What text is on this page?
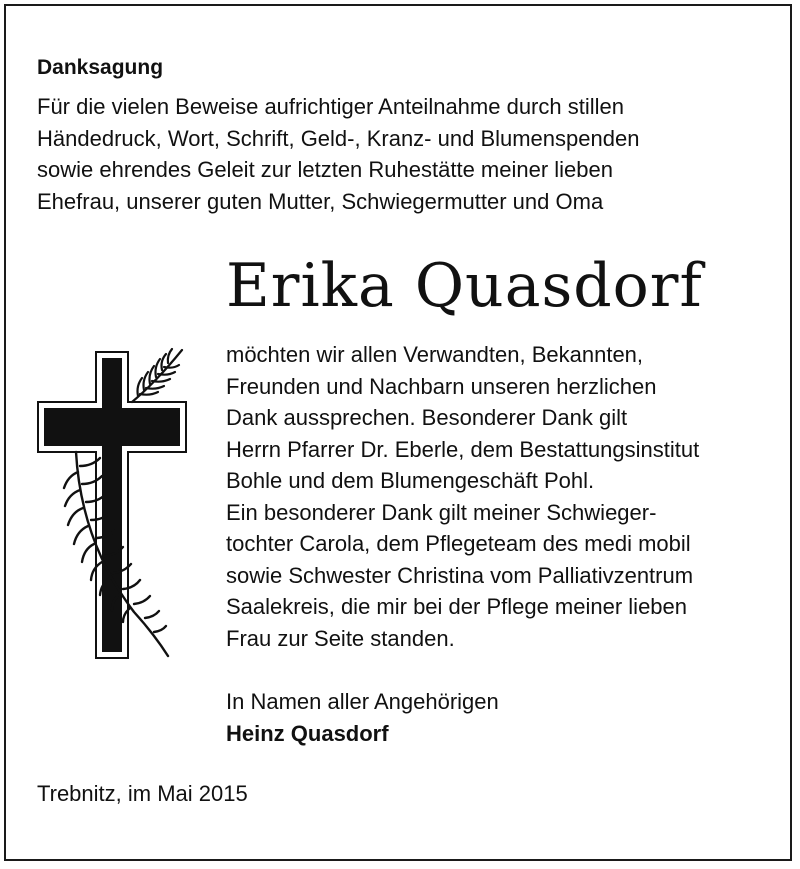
Danksagung

Für die vielen Beweise aufrichtiger Anteilnahme durch stillen
Händedruck, Wort, Schrift, Geld-, Kranz- und Blumenspenden
sowie ehrendes Geleit zur letzten Ruhestätte meiner lieben
Ehefrau, unserer guten Mutter, Schwiegermutter und Oma

Erika Quasdorf

möchten wir allen Verwandten, Bekannten,
Freunden und Nachbarn unseren herzlichen
Dank aussprechen. Besonderer Dank gilt
Herrn Pfarrer Dr. Eberle, dem Bestattungsinstitut
Bohle und dem Blumengeschäft Pohl.
Ein besonderer Dank gilt meiner Schwieger-
tochter Carola, dem Pflegeteam des medi mobil
sowie Schwester Christina vom Palliativzentrum
Saalekreis, die mir bei der Pflege meiner lieben
Frau zur Seite standen.

In Namen aller Angehörigen
Heinz Quasdorf

Trebnitz, im Mai 2015
